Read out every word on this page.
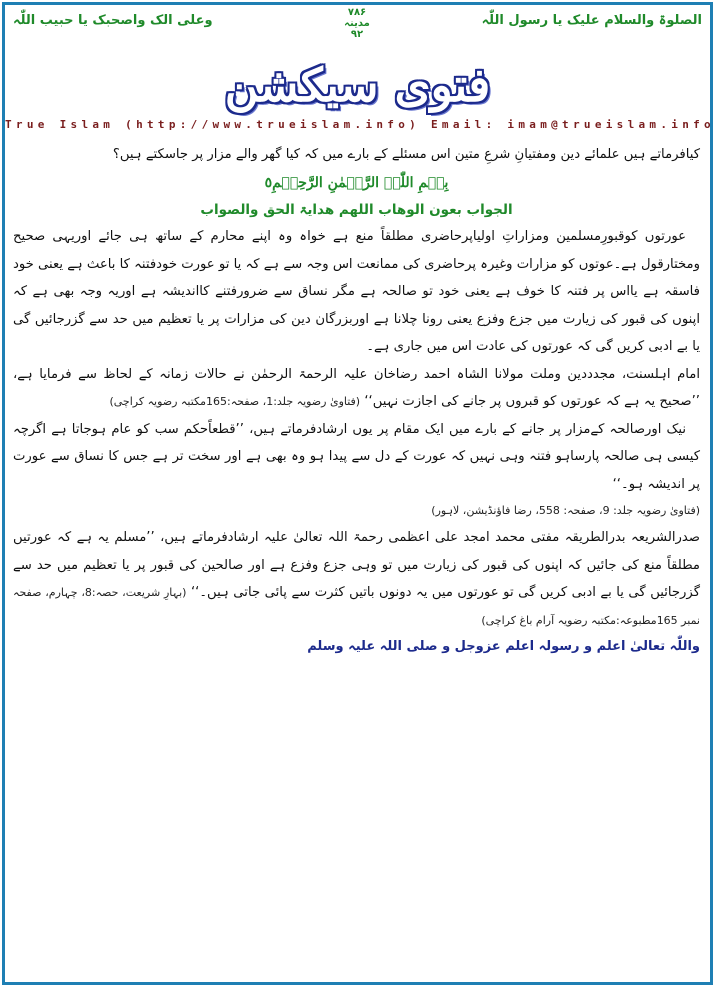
الصلوۃ والسلام علیک یا رسول اللّٰہ
۷۸۶
مدینہ
۹۲
وعلی الک واصحبک یا حبیب اللّٰہ
فتوی سیکشن
True Islam (http://www.trueislam.info) Email: imam@trueislam.info
کیافرماتے ہیں علمائے دین ومفتیانِ شرعِ متین اس مسئلے کے بارے میں کہ کیا گھر والے مزار پر جاسکتے ہیں؟
بِسۡمِ اللّٰہِ الرَّحۡمٰنِ الرَّحِیۡمِ٥
الجواب بعون الوھاب اللھم ھدایۃ الحق والصواب
عورتوں کوقبورِمسلمین ومزاراتِ اولیاپرحاضری مطلقاً منع ہے خواہ وہ اپنے محارم کے ساتھ ہی جائے اوریہی صحیح ومختارقول ہے۔عوتوں کو مزارات وغیرہ پرحاضری کی ممانعت اس وجہ سے ہے کہ یا تو عورت خودفتنہ کا باعث ہے یعنی خود فاسقہ ہے یااس پر فتنہ کا خوف ہے یعنی خود تو صالحہ ہے مگر نساق سے ضرورفتنے کااندیشہ ہے اوریہ وجہ بھی ہے کہ اپنوں کی قبور کی زیارت میں جزع وفزع یعنی رونا چلانا ہے اوربزرگان دین کی مزارات پر یا تعظیم میں حد سے گزرجائیں گی یا بے ادبی کریں گی کہ عورتوں کی عادت اس میں جاری ہے۔
امام اہلسنت، مجدددین وملت مولانا الشاہ احمد رضاخان علیہ الرحمۃ الرحمٰن نے حالات زمانہ کے لحاظ سے فرمایا ہے، ’’صحیح یہ ہے کہ عورتوں کو قبروں پر جانے کی اجازت نہیں‘‘ (فتاویٰ رضویہ جلد:1، صفحہ:165مکتبہ رضویہ کراچی)
نیک اورصالحہ کےمزار پر جانے کے بارے میں ایک مقام پر یوں ارشادفرماتے ہیں، ’’قطعاًحکم سب کو عام ہوجاتا ہے اگرچہ کیسی ہی صالحہ پارساہو فتنہ وہی نہیں کہ عورت کے دل سے پیدا ہو وہ بھی ہے اور سخت تر ہے جس کا نساق سے عورت پر اندیشہ ہو۔‘‘
(فتاویٰ رضویہ جلد: 9، صفحہ: 558، رضا فاؤنڈیشن، لاہور)
صدرالشریعہ بدرالطریقہ مفتی محمد امجد علی اعظمی رحمۃ اللہ تعالیٰ علیہ ارشادفرماتے ہیں، ’’مسلم یہ ہے کہ عورتیں مطلقاً منع کی جائیں کہ اپنوں کی قبور کی زیارت میں تو وہی جزع وفزع ہے اور صالحین کی قبور پر یا تعظیم میں حد سے گزرجائیں گی یا بے ادبی کریں گی تو عورتوں میں یہ دونوں باتیں کثرت سے پائی جاتی ہیں۔‘‘ (بہارِ شریعت، حصہ:8، چہارم، صفحہ نمبر 165مطبوعہ:مکتبہ رضویہ آرام باغ کراچی)
واللّٰہ تعالیٰ اعلم و رسولہ اعلم عزوجل و صلی اللہ علیہ وسلم
